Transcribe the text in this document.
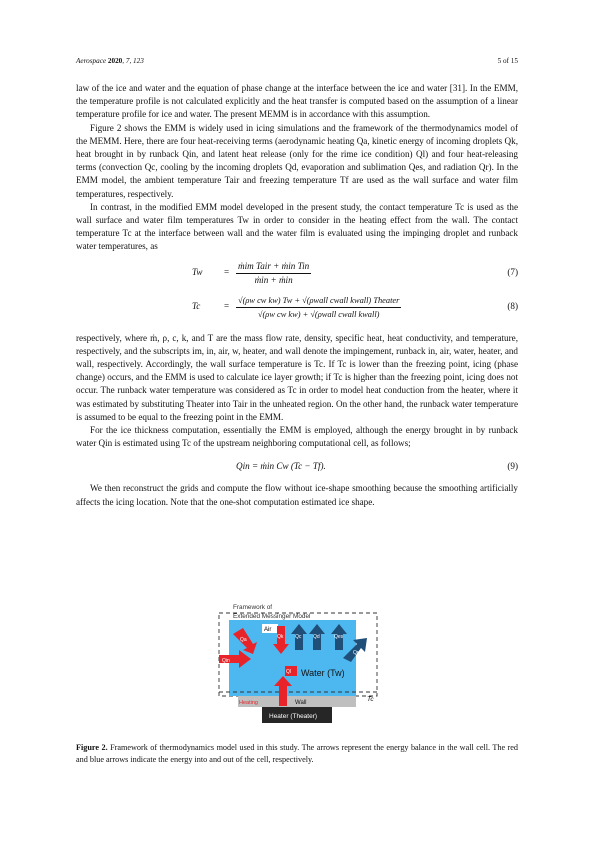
Aerospace 2020, 7, 123	5 of 15

law of the ice and water and the equation of phase change at the interface between the ice and water [31]. In the EMM, the temperature profile is not calculated explicitly and the heat transfer is computed based on the assumption of a linear temperature profile for ice and water. The present MEMM is in accordance with this assumption.

Figure 2 shows the EMM is widely used in icing simulations and the framework of the thermodynamics model of the MEMM. Here, there are four heat-receiving terms (aerodynamic heating Qa, kinetic energy of incoming droplets Qk, heat brought in by runback Qin, and latent heat release (only for the rime ice condition) Ql) and four heat-releasing terms (convection Qc, cooling by the incoming droplets Qd, evaporation and sublimation Qes, and radiation Qr). In the EMM model, the ambient temperature Tair and freezing temperature Tf are used as the wall surface and water film temperatures, respectively.

In contrast, in the modified EMM model developed in the present study, the contact temperature Tc is used as the wall surface and water film temperatures Tw in order to consider in the heating effect from the wall. The contact temperature Tc at the interface between wall and the water film is evaluated using the impinging droplet and runback water temperatures, as

Tw =
ṁim Tair + ṁin Tin
ṁin + ṁin
(7)
Tc	=
√(ρw cw kw) Tw + √(ρwall cwall kwall) Theater
√(ρw cw kw) + √(ρwall cwall kwall)
(8)

respectively, where ṁ, ρ, c, k, and T are the mass flow rate, density, specific heat, heat conductivity, and temperature, respectively, and the subscripts im, in, air, w, heater, and wall denote the impingement, runback in, air, water, heater, and wall, respectively. Accordingly, the wall surface temperature is Tc. If Tc is lower than the freezing point, icing (phase change) occurs, and the EMM is used to calculate ice layer growth; if Tc is higher than the freezing point, icing does not occur. The runback water temperature was considered as Tc in order to model heat conduction from the heater, where it was estimated by substituting Theater into Tair in the unheated region. On the other hand, the runback water temperature is assumed to be equal to the freezing point in the EMM.

For the ice thickness computation, essentially the EMM is employed, although the energy brought in by runback water Qin is estimated using Tc of the upstream neighboring computational cell, as follows;

Qin = ṁin Cw (Tc − Tf).	(9)

We then reconstruct the grids and compute the flow without ice-shape smoothing because the smoothing artificially affects the icing location. Note that the one-shot computation estimated ice shape.

Framework of
Extended Messinger Model
Air
Qa	Qk Qc Qd	Qes
Qr
Qin
Ql Water (Tw)
Tc
Heating	Wall
Heater (Theater)
Figure 2. Framework of thermodynamics model used in this study. The arrows represent the energy balance in the wall cell. The red and blue arrows indicate the energy into and out of the cell, respectively.
